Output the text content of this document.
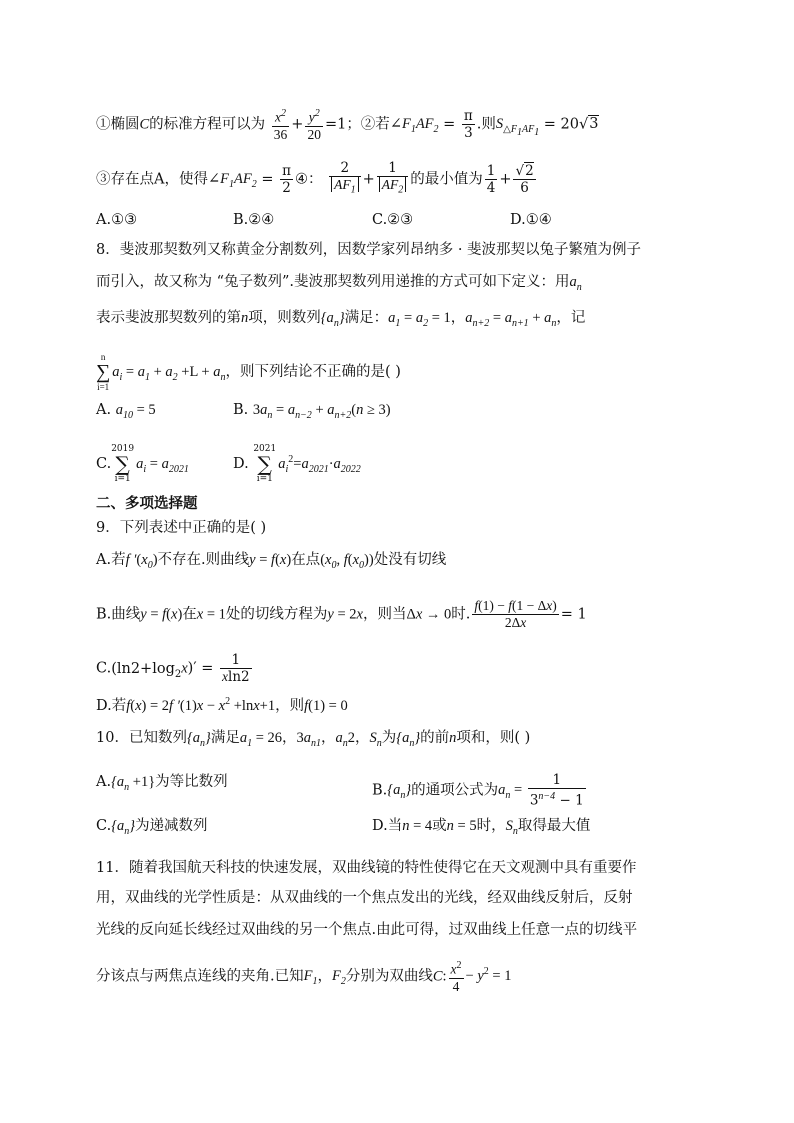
①椭圆C的标准方程可以为 $\frac{x^2}{36} + \frac{y^2}{20} =1$；②若$\angle F_1AF_2 = \frac{\pi}{3}$ .则$S_{\triangle F_1AF_1} = 20√3$
③存在点A，使得$\angle F_1AF_2 = \frac{\pi}{2}$ ④： $\frac{2}{AF_1} + \frac{1}{AF_2}$ 的最小值为 $\frac{1}{4} + \frac{√2}{6}$
A.①③	B.②④	C.②③	D.①④
8．斐波那契数列又称黄金分割数列，因数学家列昂纳多 · 斐波那契以兔子繁殖为例子
而引入，故又称为 “兔子数列”.斐波那契数列用递推的方式可如下定义：用$a_n$
表示斐波那契数列的第n项，则数列$\{a_n\}$满足：$a_1 = a_2 = 1$，$a_{n+2} = a_{n+1} + a_n$，记
n
∑
i=1
$a_i = a_1 + a_2 +L + a_n$，则下列结论不正确的是( )
A. $a_{10} = 5$	B. $3a_n = a_{n-2} + a_{n+2}(n \ge 3)$
C.
2019
∑
i=1
$a_i = a_{2021}$	D.
2021
∑
i=1
$a_i^2=a_{2021}\cdot a_{2022}$
二、多项选择题
9．下列表述中正确的是( )
A.若f $'(x_0)$不存在.则曲线y = f(x)在点($x_0$, $f(x_0)$)处没有切线
B.曲线y = f(x)在x = 1处的切线方程为y = 2x，则当Δx → 0时. $\frac{f(1) - f(1 - \Delta x)}{2\Delta x} = 1$
$C.(\ln 2+\log_2x)' = \frac{1}{xln2}$
D.若f(x) = 2f $'(1)x - x^2 +\ln x+1$，则f(1) = 0
10．已知数列$\{a_n\}$满足$a_1 = 26$，$3a_{n1}$，$a_n2$，$S_n$为$\{a_n\}$的前n项和，则( )
$A.\{a_n +1\}$为等比数列
$B.\{a_n\}$的通项公式为$a_n = \frac{1}{3^{n-4} - 1}$
$C.\{a_n\}$为递减数列	D.当n = 4或n = 5时，$S_n$取得最大值
11．随着我国航天科技的快速发展，双曲线镜的特性使得它在天文观测中具有重要作
用，双曲线的光学性质是：从双曲线的一个焦点发出的光线，经双曲线反射后，反射
光线的反向延长线经过双曲线的另一个焦点.由此可得，过双曲线上任意一点的切线平
分该点与两焦点连线的夹角.已知$F_1$，$F_2$分别为双曲线C: $\frac{x^2}{4} - y^2 = 1$
